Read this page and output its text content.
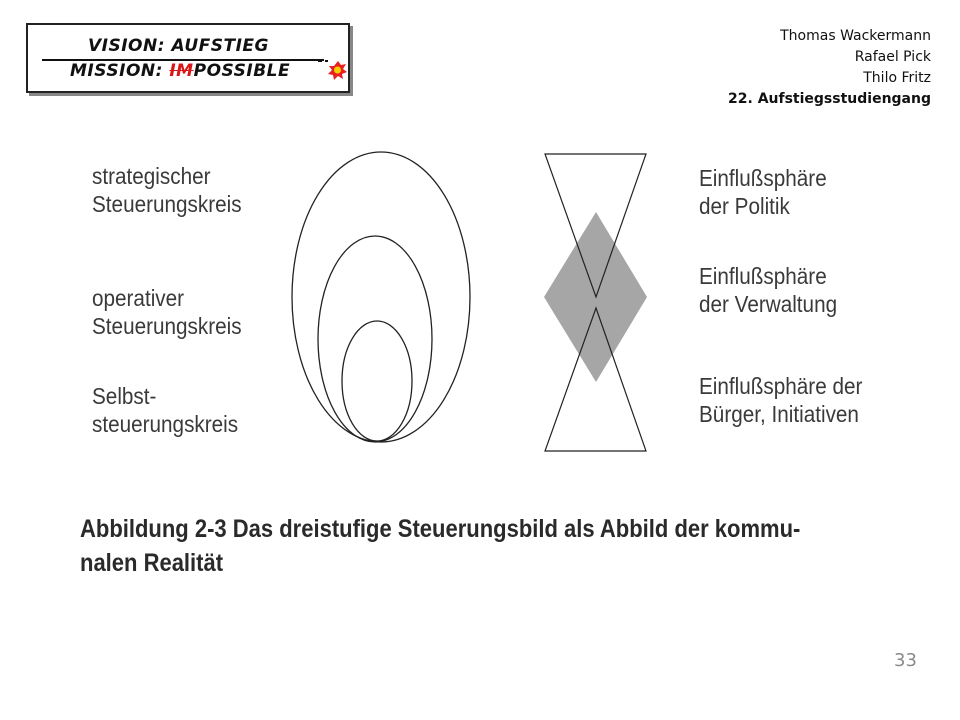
VISION: AUFSTIEG
MISSION: IMPOSSIBLE
Thomas Wackermann
Rafael Pick
Thilo Fritz
22. Aufstiegsstudiengang
strategischer
Steuerungskreis
operativer
Steuerungskreis
Selbst-
steuerungskreis
Einflußsphäre
der Politik
Einflußsphäre
der Verwaltung
Einflußsphäre der
Bürger, Initiativen
Abbildung 2-3 Das dreistufige Steuerungsbild als Abbild der kommu-
nalen Realität
33
